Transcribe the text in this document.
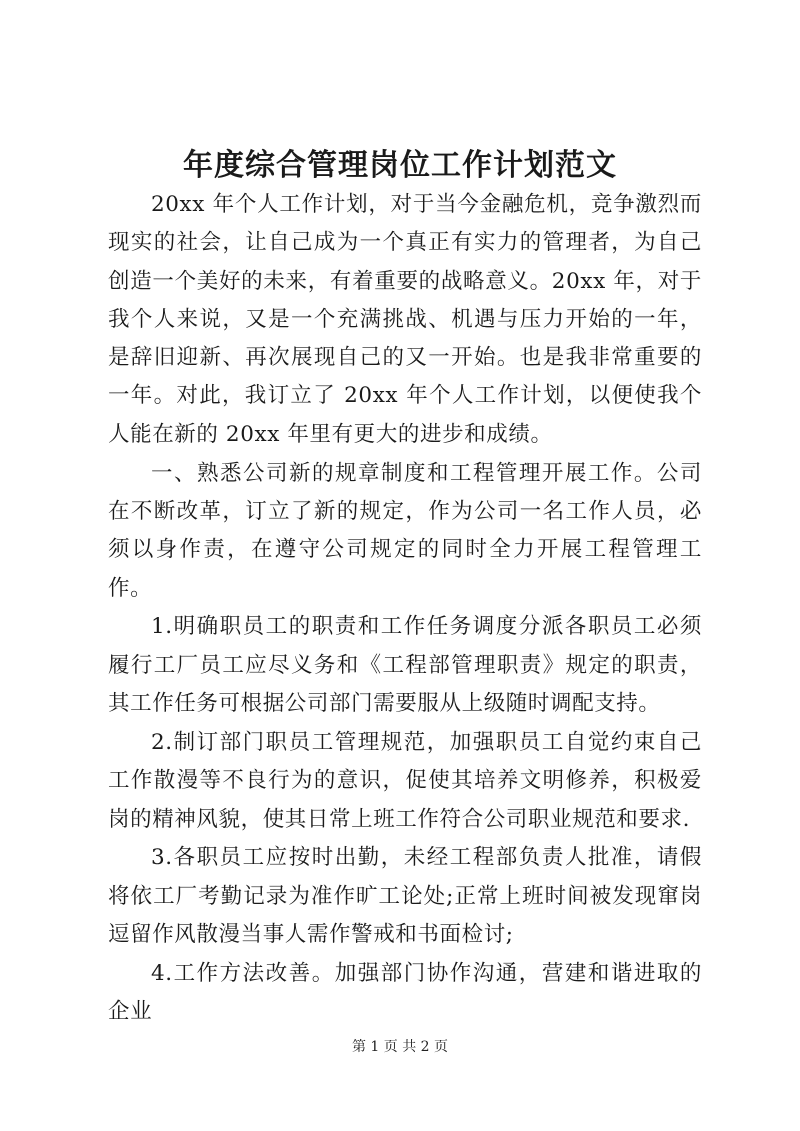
年度综合管理岗位工作计划范文

20xx 年个人工作计划，对于当今金融危机，竞争激烈而现实的社会，让自己成为一个真正有实力的管理者，为自己创造一个美好的未来，有着重要的战略意义。20xx 年，对于我个人来说，又是一个充满挑战、机遇与压力开始的一年，是辞旧迎新、再次展现自己的又一开始。也是我非常重要的一年。对此，我订立了 20xx 年个人工作计划，以便使我个人能在新的 20xx 年里有更大的进步和成绩。

一、熟悉公司新的规章制度和工程管理开展工作。公司在不断改革，订立了新的规定，作为公司一名工作人员，必须以身作责，在遵守公司规定的同时全力开展工程管理工作。

1.明确职员工的职责和工作任务调度分派各职员工必须履行工厂员工应尽义务和《工程部管理职责》规定的职责，其工作任务可根据公司部门需要服从上级随时调配支持。

2.制订部门职员工管理规范，加强职员工自觉约束自己工作散漫等不良行为的意识，促使其培养文明修养，积极爱岗的精神风貌，使其日常上班工作符合公司职业规范和要求.

3.各职员工应按时出勤，未经工程部负责人批准，请假将依工厂考勤记录为准作旷工论处;正常上班时间被发现窜岗逗留作风散漫当事人需作警戒和书面检讨;

4.工作方法改善。加强部门协作沟通，营建和谐进取的企业

第 1 页 共 2 页
